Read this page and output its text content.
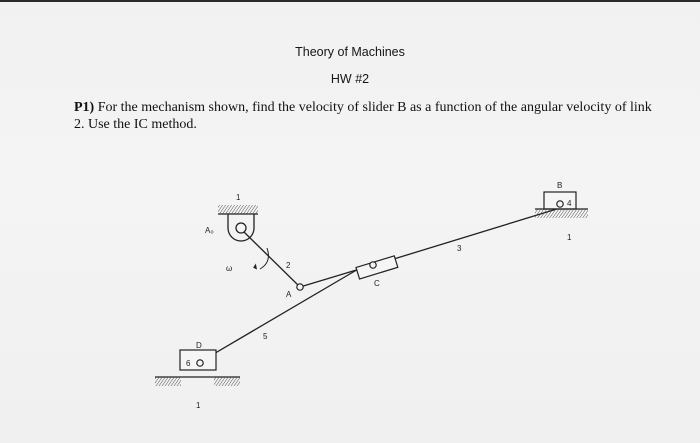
Theory of Machines
HW #2
P1) For the mechanism shown, find the velocity of slider B as a function of the angular velocity of link 2. Use the IC method.
1
A₀
ω	2
A
3
C
B
4
1
5
D
6
1
